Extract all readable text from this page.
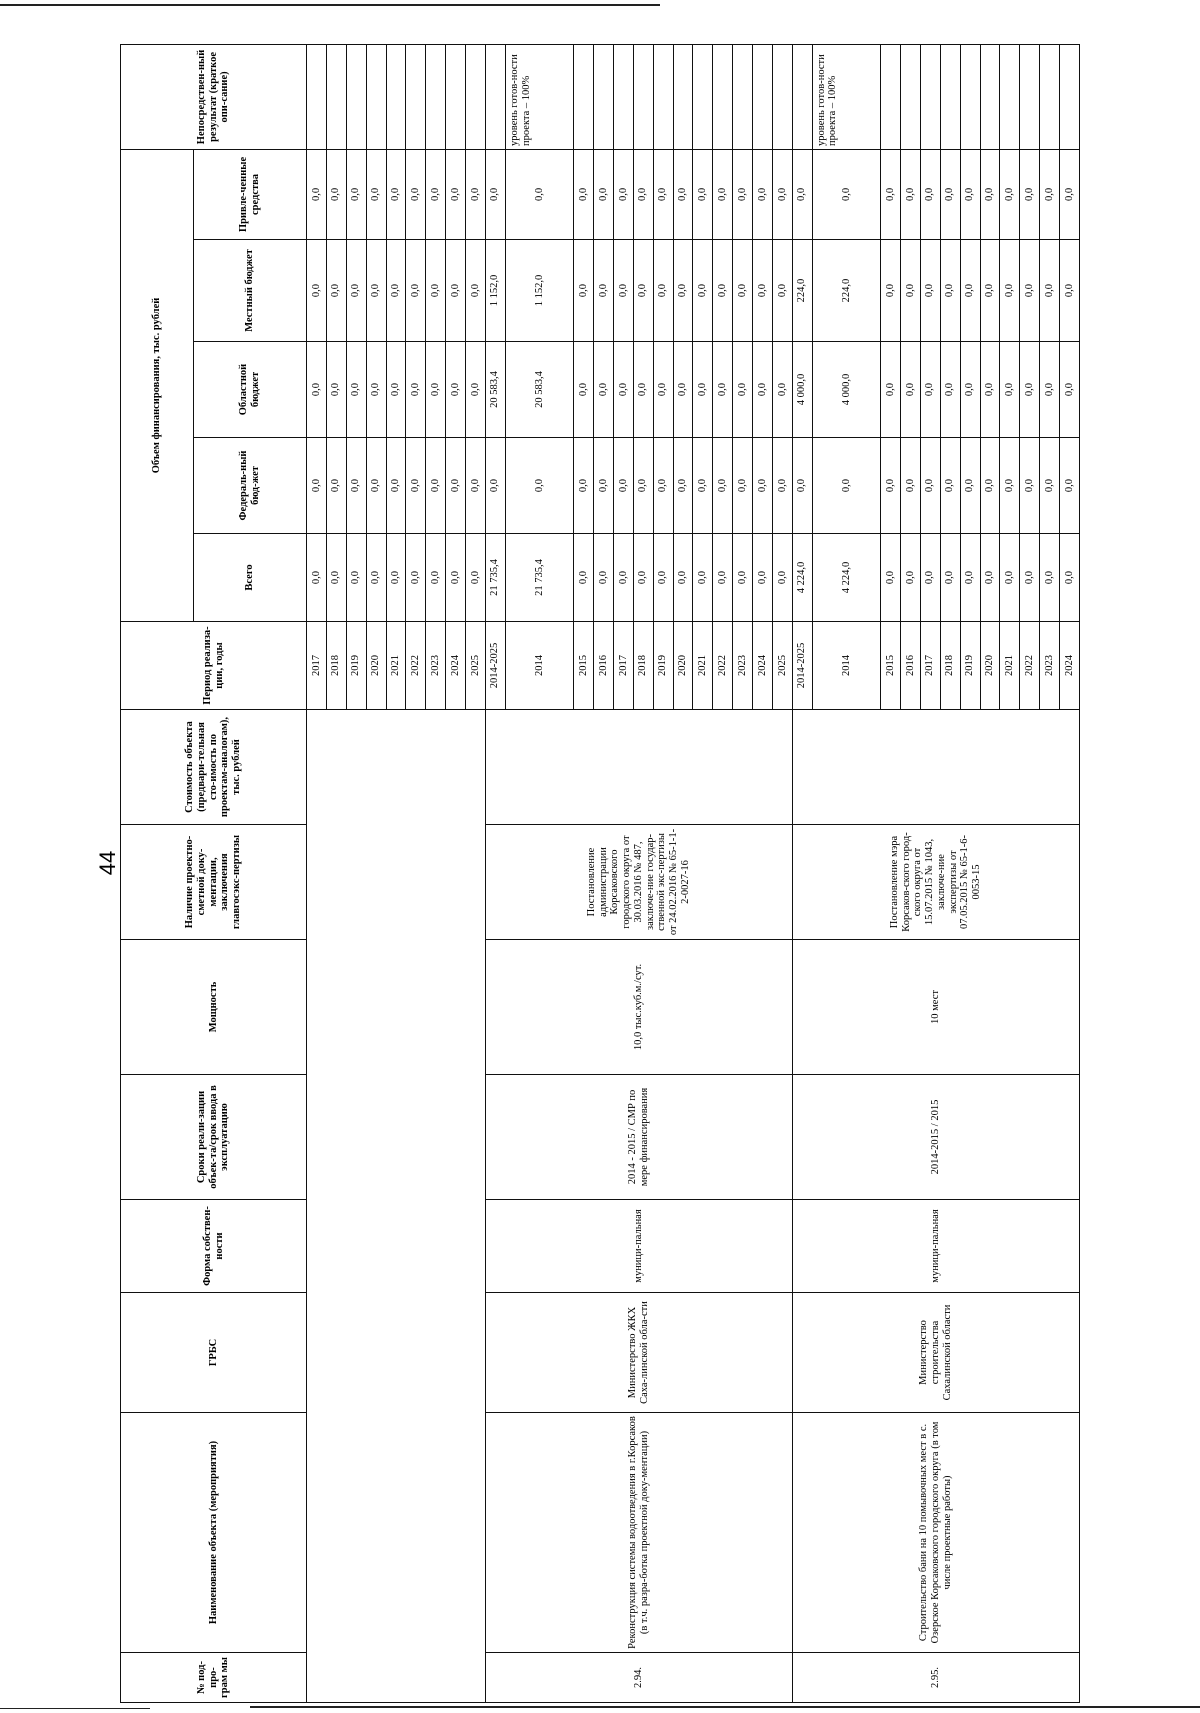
44
№ под-про-грам мы	Наименование объекта (мероприятия)	ГРБС	Форма собствен-ности	Сроки реали-зации объек-та/срок ввода в эксплуатацию	Мощность	Наличие проектно-сметной доку-ментации, заключения главгосэкс-пертизы	Стоимость объекта (предвари-тельная сто-имость по проектам-аналогам), тыс. рублей	Период реализа-ции, годы	Объем финансирования, тыс. рублей					Непосредствен-ный результат (краткое опи-сание)
									Всего	Федераль-ный бюд-жет	Областной бюджет	Местный бюджет	Привле-ченные средства	
								2017	0,0	0,0	0,0	0,0	0,0	
								2018	0,0	0,0	0,0	0,0	0,0	
								2019	0,0	0,0	0,0	0,0	0,0	
								2020	0,0	0,0	0,0	0,0	0,0	
								2021	0,0	0,0	0,0	0,0	0,0	
								2022	0,0	0,0	0,0	0,0	0,0	
								2023	0,0	0,0	0,0	0,0	0,0	
								2024	0,0	0,0	0,0	0,0	0,0	
								2025	0,0	0,0	0,0	0,0	0,0	
2.94.	Реконструкция системы водоотведения в г.Корсаков (в т.ч. разра-ботка проектной доку-ментации)	Министерство ЖКХ Саха-линской обла-сти	муници-пальная	2014 - 2015 / СМР по мере финансирования	10,0 тыс.куб.м./сут.	Постановление администрации Корсаковского городского округа от 30.03.2016 № 487, заключе-ние государ-ственной экс-пертизы от 24.02.2016 № 65-1-1-2-0027-16		2014-2025	21 735,4	0,0	20 583,4	1 152,0	0,0	
								2014	21 735,4	0,0	20 583,4	1 152,0	0,0	уровень готов-ности проекта – 100%
								2015	0,0	0,0	0,0	0,0	0,0	
								2016	0,0	0,0	0,0	0,0	0,0	
								2017	0,0	0,0	0,0	0,0	0,0	
								2018	0,0	0,0	0,0	0,0	0,0	
								2019	0,0	0,0	0,0	0,0	0,0	
								2020	0,0	0,0	0,0	0,0	0,0	
								2021	0,0	0,0	0,0	0,0	0,0	
								2022	0,0	0,0	0,0	0,0	0,0	
								2023	0,0	0,0	0,0	0,0	0,0	
								2024	0,0	0,0	0,0	0,0	0,0	
								2025	0,0	0,0	0,0	0,0	0,0	
2.95.	Строительство бани на 10 помывочных мест в с. Озерское Корсаковского городского округа (в том числе проектные работы)	Министерство строительства Сахалинской области	муници-пальная	2014-2015 / 2015	10 мест	Постановление мэра Корсаков-ского город-ского округа от 15.07.2015 № 1043, заключе-ние экспертизы от 07.05.2015 № 65-1-6-0053-15		2014-2025	4 224,0	0,0	4 000,0	224,0	0,0	
								2014	4 224,0	0,0	4 000,0	224,0	0,0	уровень готов-ности проекта – 100%
								2015	0,0	0,0	0,0	0,0	0,0	
								2016	0,0	0,0	0,0	0,0	0,0	
								2017	0,0	0,0	0,0	0,0	0,0	
								2018	0,0	0,0	0,0	0,0	0,0	
								2019	0,0	0,0	0,0	0,0	0,0	
								2020	0,0	0,0	0,0	0,0	0,0	
								2021	0,0	0,0	0,0	0,0	0,0	
								2022	0,0	0,0	0,0	0,0	0,0	
								2023	0,0	0,0	0,0	0,0	0,0	
								2024	0,0	0,0	0,0	0,0	0,0	
